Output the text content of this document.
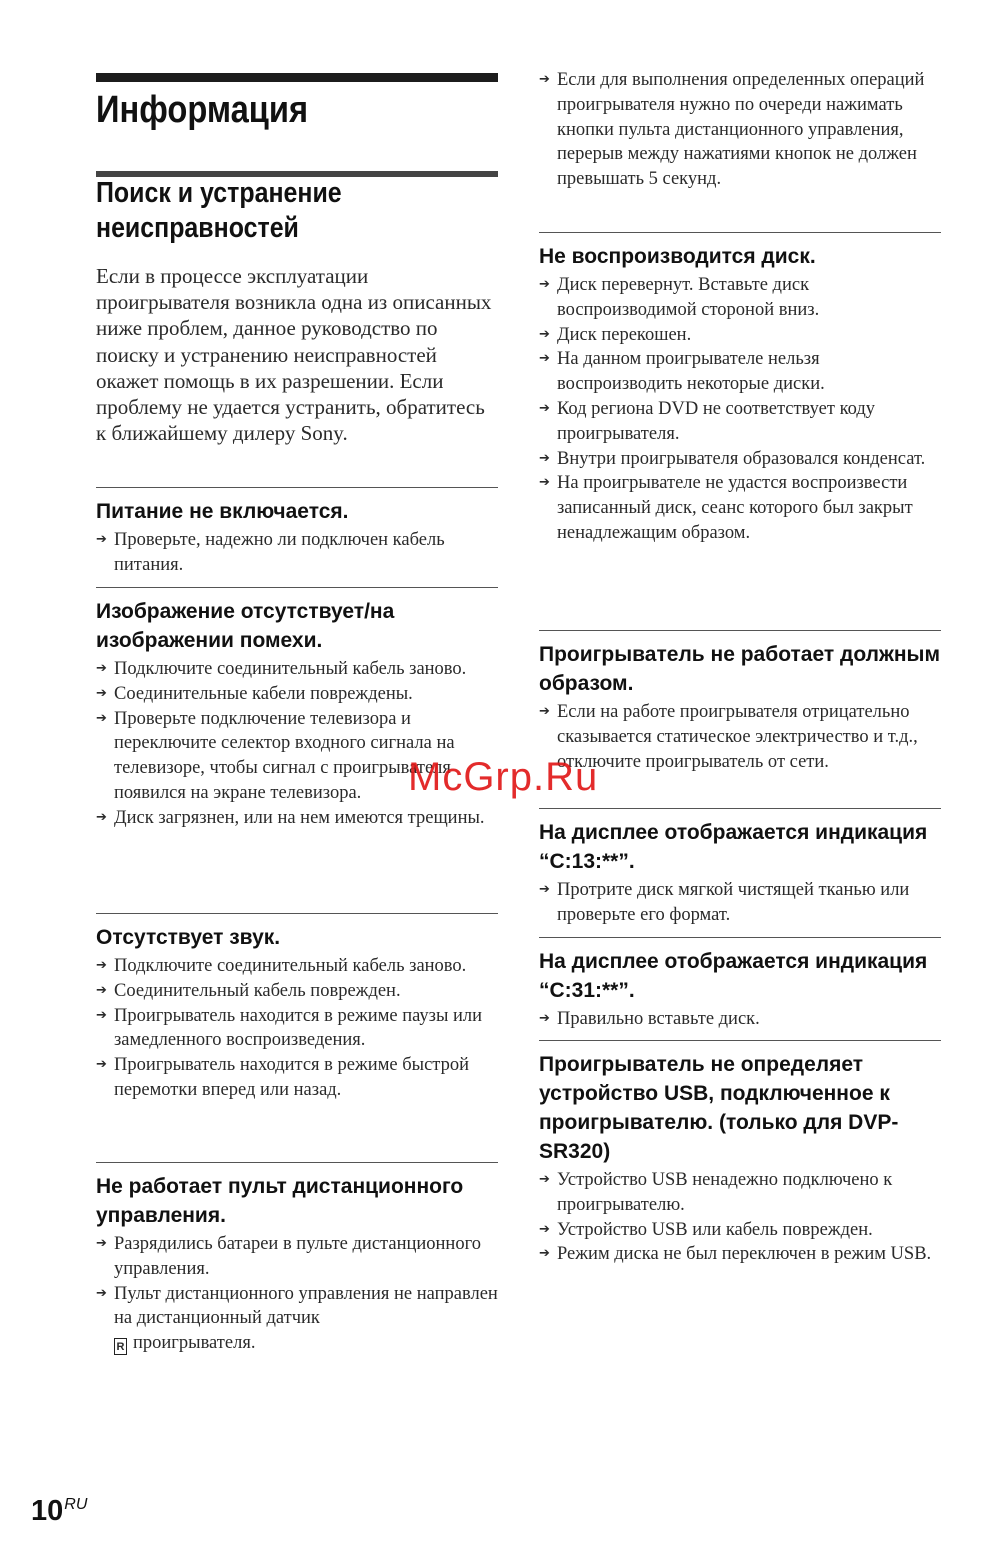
Информация
Поиск и устранение
неисправностей

Если в процессе эксплуатации проигрывателя возникла одна из описанных ниже проблем, данное руководство по поиску и устранению неисправностей окажет помощь в их разрешении. Если проблему не удается устранить, обратитесь к ближайшему дилеру Sony.

Питание не включается.
➔ Проверьте, надежно ли подключен кабель питания.
Изображение отсутствует/на изображении помехи.
➔ Подключите соединительный кабель заново.
➔ Соединительные кабели повреждены.
➔ Проверьте подключение телевизора и переключите селектор входного сигнала на телевизоре, чтобы сигнал с проигрывателя появился на экране телевизора.
➔ Диск загрязнен, или на нем имеются трещины.
Отсутствует звук.
➔ Подключите соединительный кабель заново.
➔ Соединительный кабель поврежден.
➔ Проигрыватель находится в режиме паузы или замедленного воспроизведения.
➔ Проигрыватель находится в режиме быстрой перемотки вперед или назад.
Не работает пульт дистанционного управления.
➔ Разрядились батареи в пульте дистанционного управления.
➔ Пульт дистанционного управления не направлен на дистанционный датчик
R проигрывателя.
➔ Если для выполнения определенных операций проигрывателя нужно по очереди нажимать кнопки пульта дистанционного управления, перерыв между нажатиями кнопок не должен превышать 5 секунд.
Не воспроизводится диск.
➔ Диск перевернут. Вставьте диск воспроизводимой стороной вниз.
➔ Диск перекошен.
➔ На данном проигрывателе нельзя воспроизводить некоторые диски.
➔ Код региона DVD не соответствует коду проигрывателя.
➔ Внутри проигрывателя образовался конденсат.
➔ На проигрывателе не удастся воспроизвести записанный диск, сеанс которого был закрыт ненадлежащим образом.
Проигрыватель не работает должным образом.
➔ Если на работе проигрывателя отрицательно сказывается статическое электричество и т.д., отключите проигрыватель от сети.
На дисплее отображается индикация “C:13:**”.
➔ Протрите диск мягкой чистящей тканью или проверьте его формат.
На дисплее отображается индикация “C:31:**”.
➔ Правильно вставьте диск.
Проигрыватель не определяет устройство USB, подключенное к проигрывателю. (только для DVP-SR320)
➔ Устройство USB ненадежно подключено к проигрывателю.
➔ Устройство USB или кабель поврежден.
➔ Режим диска не был переключен в режим USB.

McGrp.Ru

$10^{RU}$
